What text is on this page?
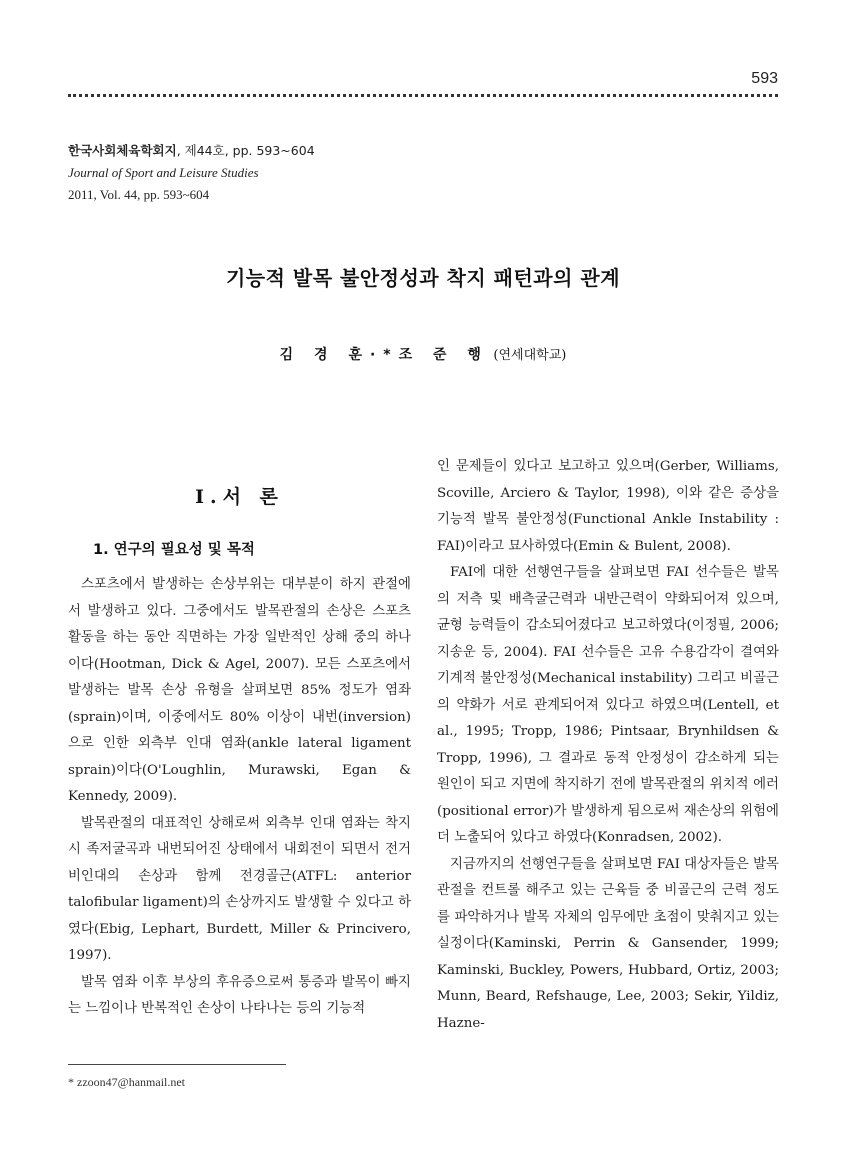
593
한국사회체육학회지, 제44호, pp. 593~604
Journal of Sport and Leisure Studies
2011, Vol. 44, pp. 593~604
기능적 발목 불안정성과 착지 패턴과의 관계
김 경 훈·*조 준 행 (연세대학교)
Ⅰ.서 론
1. 연구의 필요성 및 목적

스포츠에서 발생하는 손상부위는 대부분이 하지 관절에서 발생하고 있다. 그중에서도 발목관절의 손상은 스포츠 활동을 하는 동안 직면하는 가장 일반적인 상해 중의 하나이다(Hootman, Dick & Agel, 2007). 모든 스포츠에서 발생하는 발목 손상 유형을 살펴보면 85% 정도가 염좌(sprain)이며, 이중에서도 80% 이상이 내번(inversion)으로 인한 외측부 인대 염좌(ankle lateral ligament sprain)이다(O'Loughlin, Murawski, Egan & Kennedy, 2009).

발목관절의 대표적인 상해로써 외측부 인대 염좌는 착지 시 족저굴곡과 내번되어진 상태에서 내회전이 되면서 전거비인대의 손상과 함께 전경골근(ATFL: anterior talofibular ligament)의 손상까지도 발생할 수 있다고 하였다(Ebig, Lephart, Burdett, Miller & Princivero, 1997).

발목 염좌 이후 부상의 후유증으로써 통증과 발목이 빠지는 느낌이나 반복적인 손상이 나타나는 등의 기능적

인 문제들이 있다고 보고하고 있으며(Gerber, Williams, Scoville, Arciero & Taylor, 1998), 이와 같은 증상을 기능적 발목 불안정성(Functional Ankle Instability : FAI)이라고 묘사하였다(Emin & Bulent, 2008).

FAI에 대한 선행연구들을 살펴보면 FAI 선수들은 발목의 저측 및 배측굴근력과 내반근력이 약화되어져 있으며, 균형 능력들이 감소되어졌다고 보고하였다(이정필, 2006; 지송운 등, 2004). FAI 선수들은 고유 수용감각이 결여와 기계적 불안정성(Mechanical instability) 그리고 비골근의 약화가 서로 관계되어져 있다고 하였으며(Lentell, et al., 1995; Tropp, 1986; Pintsaar, Brynhildsen & Tropp, 1996), 그 결과로 동적 안정성이 감소하게 되는 원인이 되고 지면에 착지하기 전에 발목관절의 위치적 에러(positional error)가 발생하게 됨으로써 재손상의 위험에 더 노출되어 있다고 하였다(Konradsen, 2002).

지금까지의 선행연구들을 살펴보면 FAI 대상자들은 발목관절을 컨트롤 해주고 있는 근육들 중 비골근의 근력 정도를 파악하거나 발목 자체의 임무에만 초점이 맞춰지고 있는 실정이다(Kaminski, Perrin & Gansender, 1999; Kaminski, Buckley, Powers, Hubbard, Ortiz, 2003; Munn, Beard, Refshauge, Lee, 2003; Sekir, Yildiz, Hazne-

* zzoon47@hanmail.net
